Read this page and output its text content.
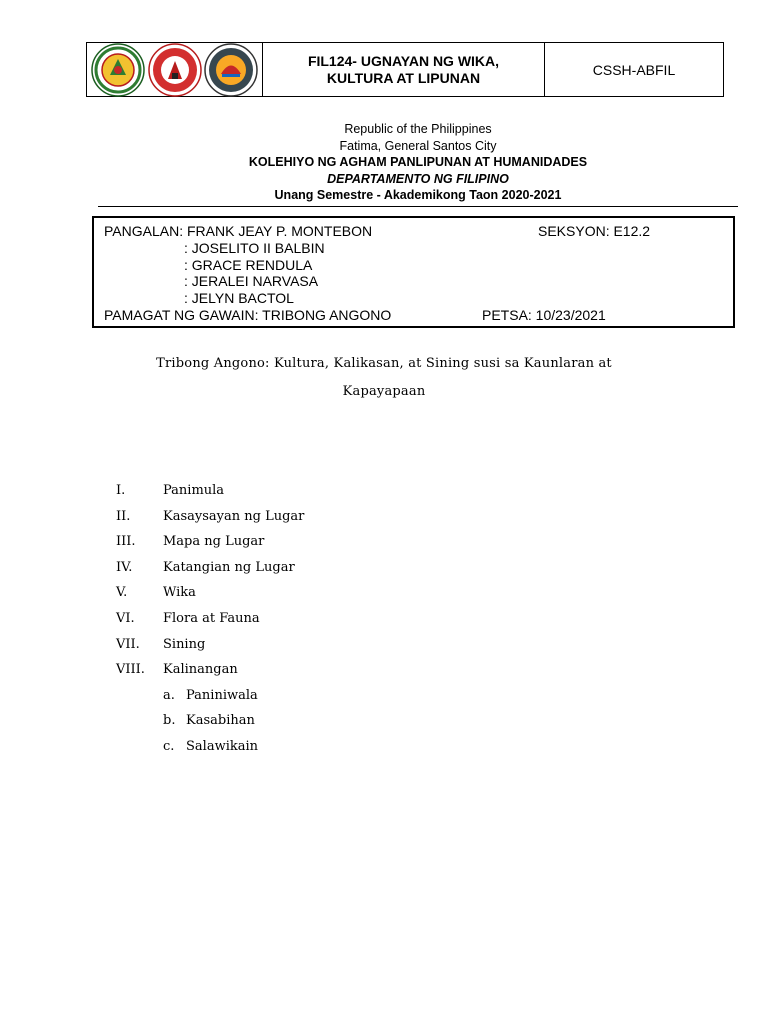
FIL124- UGNAYAN NG WIKA,
KULTURA AT LIPUNAN	CSSH-ABFIL
Republic of the Philippines
Fatima, General Santos City
KOLEHIYO NG AGHAM PANLIPUNAN AT HUMANIDADES
DEPARTAMENTO NG FILIPINO
Unang Semestre - Akademikong Taon 2020-2021
PANGALAN: FRANK JEAY P. MONTEBON	SEKSYON: E12.2
: JOSELITO II BALBIN
: GRACE RENDULA
: JERALEI NARVASA
: JELYN BACTOL
PAMAGAT NG GAWAIN: TRIBONG ANGONO	PETSA: 10/23/2021
Tribong Angono: Kultura, Kalikasan, at Sining susi sa Kaunlaran at
Kapayapaan
I.	Panimula
II.	Kasaysayan ng Lugar
III. Mapa ng Lugar
IV. Katangian ng Lugar
V.	Wika
VI. Flora at Fauna
VII. Sining
VIII. Kalinangan
a. Paniniwala
b. Kasabihan
c. Salawikain
